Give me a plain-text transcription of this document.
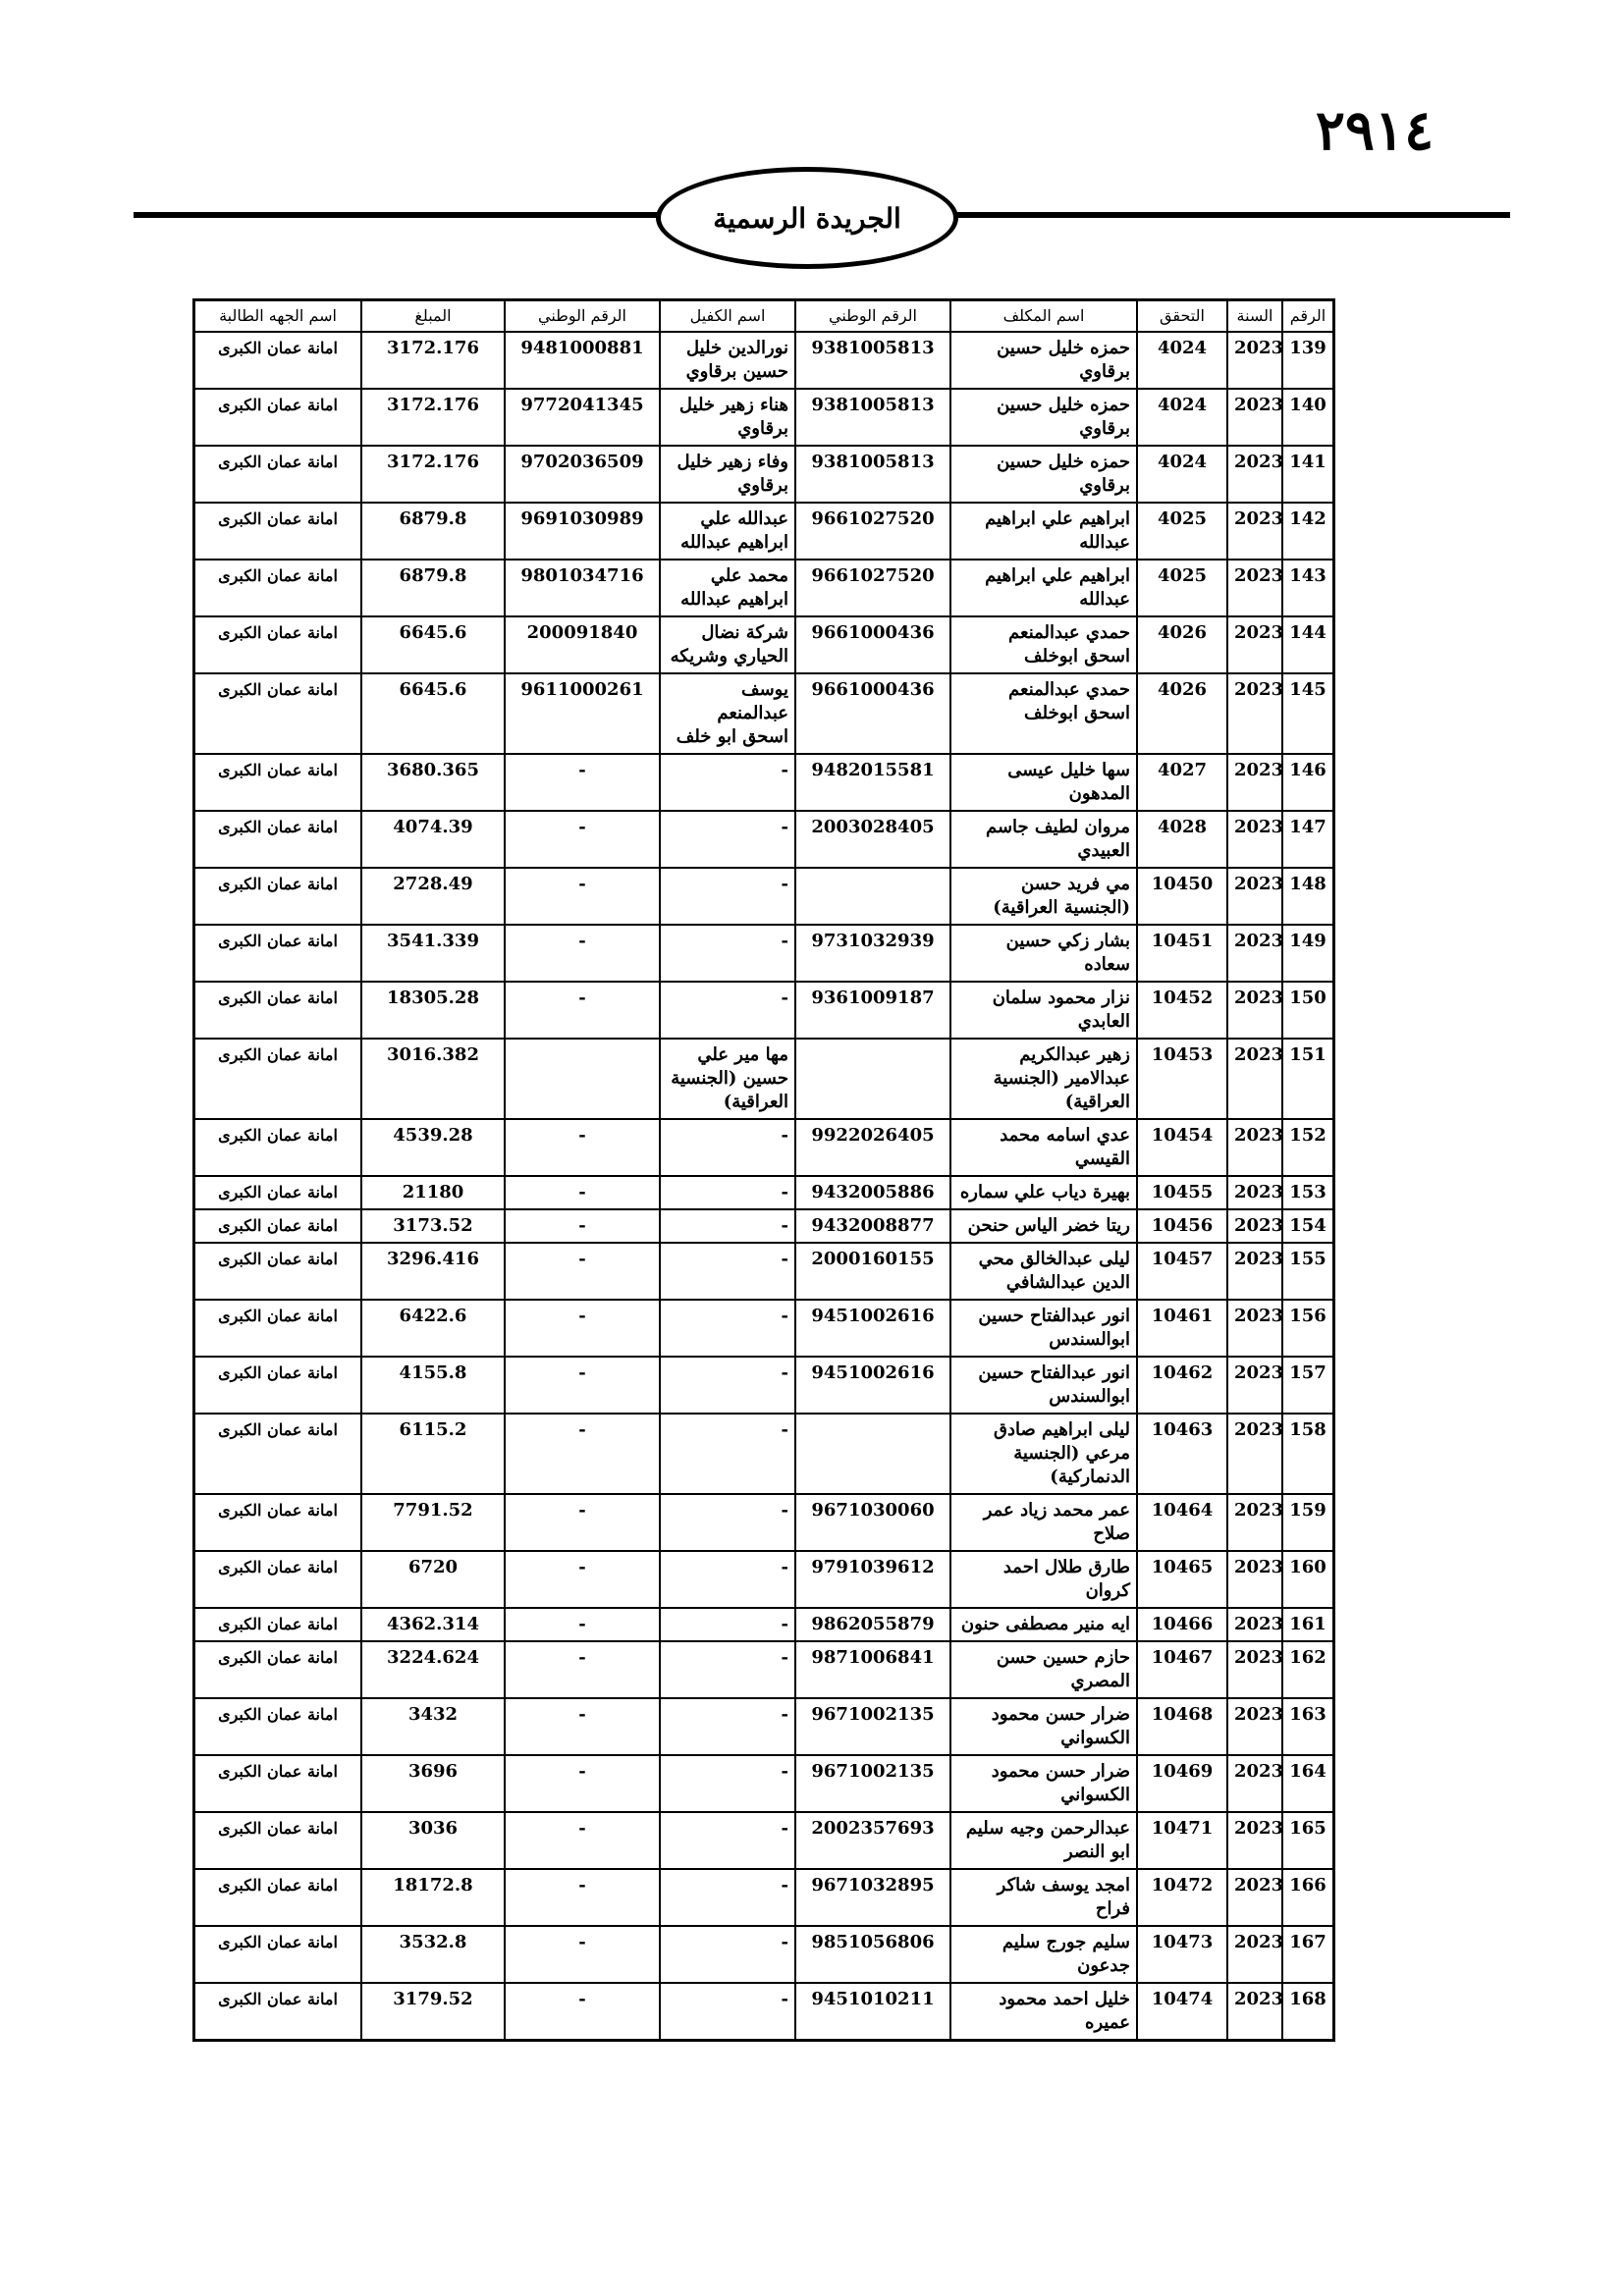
٢٩١٤
الجريدة الرسمية
الرقم	السنة	التحقق	اسم المكلف	الرقم الوطني	اسم الكفيل	الرقم الوطني	المبلغ	اسم الجهه الطالبة
139	2023	4024	حمزه خليل حسين برقاوي	9381005813	نورالدين خليل حسين برقاوي	9481000881	3172.176	امانة عمان الكبرى
140	2023	4024	حمزه خليل حسين برقاوي	9381005813	هناء زهير خليل برقاوي	9772041345	3172.176	امانة عمان الكبرى
141	2023	4024	حمزه خليل حسين برقاوي	9381005813	وفاء زهير خليل برقاوي	9702036509	3172.176	امانة عمان الكبرى
142	2023	4025	ابراهيم علي ابراهيم عبدالله	9661027520	عبدالله علي ابراهيم عبدالله	9691030989	6879.8	امانة عمان الكبرى
143	2023	4025	ابراهيم علي ابراهيم عبدالله	9661027520	محمد علي ابراهيم عبدالله	9801034716	6879.8	امانة عمان الكبرى
144	2023	4026	حمدي عبدالمنعم اسحق ابوخلف	9661000436	شركة نضال الحياري وشريكه	200091840	6645.6	امانة عمان الكبرى
145	2023	4026	حمدي عبدالمنعم اسحق ابوخلف	9661000436	يوسف عبدالمنعم اسحق ابو خلف	9611000261	6645.6	امانة عمان الكبرى
146	2023	4027	سها خليل عيسى المدهون	9482015581	-	-	3680.365	امانة عمان الكبرى
147	2023	4028	مروان لطيف جاسم العبيدي	2003028405	-	-	4074.39	امانة عمان الكبرى
148	2023	10450	مي فريد حسن (الجنسية العراقية)		-	-	2728.49	امانة عمان الكبرى
149	2023	10451	بشار زكي حسين سعاده	9731032939	-	-	3541.339	امانة عمان الكبرى
150	2023	10452	نزار محمود سلمان العابدي	9361009187	-	-	18305.28	امانة عمان الكبرى
151	2023	10453	زهير عبدالكريم عبدالامير (الجنسية العراقية)		مها مير علي حسين (الجنسية العراقية)		3016.382	امانة عمان الكبرى
152	2023	10454	عدي اسامه محمد القيسي	9922026405	-	-	4539.28	امانة عمان الكبرى
153	2023	10455	بهيرة دياب علي سماره	9432005886	-	-	21180	امانة عمان الكبرى
154	2023	10456	ريتا خضر الياس حنحن	9432008877	-	-	3173.52	امانة عمان الكبرى
155	2023	10457	ليلى عبدالخالق محي الدين عبدالشافي	2000160155	-	-	3296.416	امانة عمان الكبرى
156	2023	10461	انور عبدالفتاح حسين ابوالسندس	9451002616	-	-	6422.6	امانة عمان الكبرى
157	2023	10462	انور عبدالفتاح حسين ابوالسندس	9451002616	-	-	4155.8	امانة عمان الكبرى
158	2023	10463	ليلى ابراهيم صادق مرعي (الجنسية الدنماركية)		-	-	6115.2	امانة عمان الكبرى
159	2023	10464	عمر محمد زياد عمر صلاح	9671030060	-	-	7791.52	امانة عمان الكبرى
160	2023	10465	طارق طلال احمد كروان	9791039612	-	-	6720	امانة عمان الكبرى
161	2023	10466	ايه منير مصطفى حنون	9862055879	-	-	4362.314	امانة عمان الكبرى
162	2023	10467	حازم حسين حسن المصري	9871006841	-	-	3224.624	امانة عمان الكبرى
163	2023	10468	ضرار حسن محمود الكسواني	9671002135	-	-	3432	امانة عمان الكبرى
164	2023	10469	ضرار حسن محمود الكسواني	9671002135	-	-	3696	امانة عمان الكبرى
165	2023	10471	عبدالرحمن وجيه سليم ابو النصر	2002357693	-	-	3036	امانة عمان الكبرى
166	2023	10472	امجد يوسف شاكر فراح	9671032895	-	-	18172.8	امانة عمان الكبرى
167	2023	10473	سليم جورج سليم جدعون	9851056806	-	-	3532.8	امانة عمان الكبرى
168	2023	10474	خليل احمد محمود عميره	9451010211	-	-	3179.52	امانة عمان الكبرى
